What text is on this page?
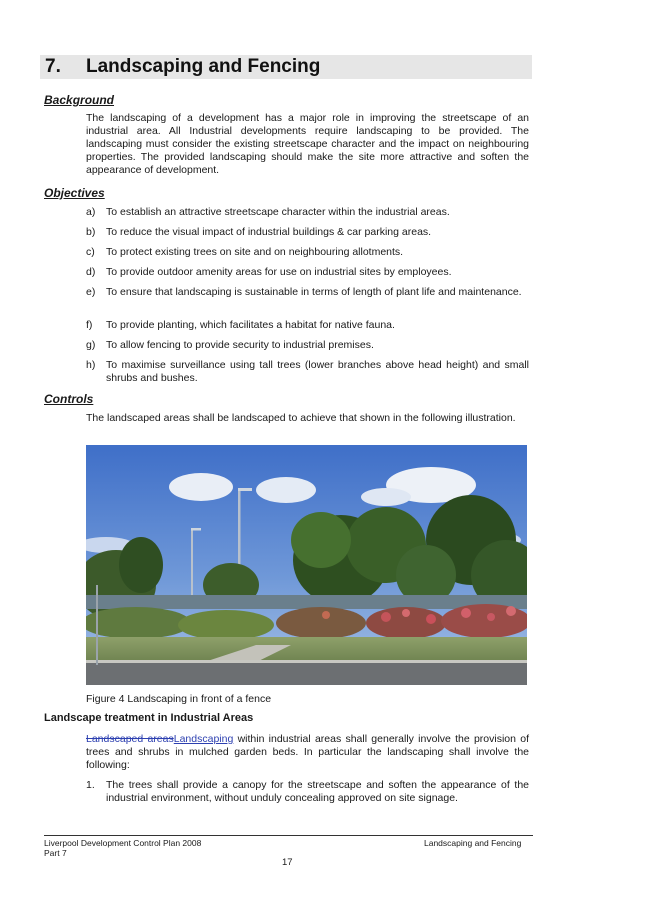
7. Landscaping and Fencing
Background
The landscaping of a development has a major role in improving the streetscape of an industrial area. All Industrial developments require landscaping to be provided. The landscaping must consider the existing streetscape character and the impact on neighbouring properties. The provided landscaping should make the site more attractive and soften the appearance of development.
Objectives
a)	To establish an attractive streetscape character within the industrial areas.
b)	To reduce the visual impact of industrial buildings & car parking areas.
c)	To protect existing trees on site and on neighbouring allotments.
d)	To provide outdoor amenity areas for use on industrial sites by employees.
e)	To ensure that landscaping is sustainable in terms of length of plant life and maintenance.
f)	To provide planting, which facilitates a habitat for native fauna.
g)	To allow fencing to provide security to industrial premises.
h)	To maximise surveillance using tall trees (lower branches above head height) and small shrubs and bushes.
Controls
The landscaped areas shall be landscaped to achieve that shown in the following illustration.
Figure 4 Landscaping in front of a fence
Landscape treatment in Industrial Areas
Landscaped areasLandscaping within industrial areas shall generally involve the provision of trees and shrubs in mulched garden beds. In particular the landscaping shall involve the following:
1.	The trees shall provide a canopy for the streetscape and soften the appearance of the industrial environment, without unduly concealing approved on site signage.
Liverpool Development Control Plan 2008
Part 7
Landscaping and Fencing
17
